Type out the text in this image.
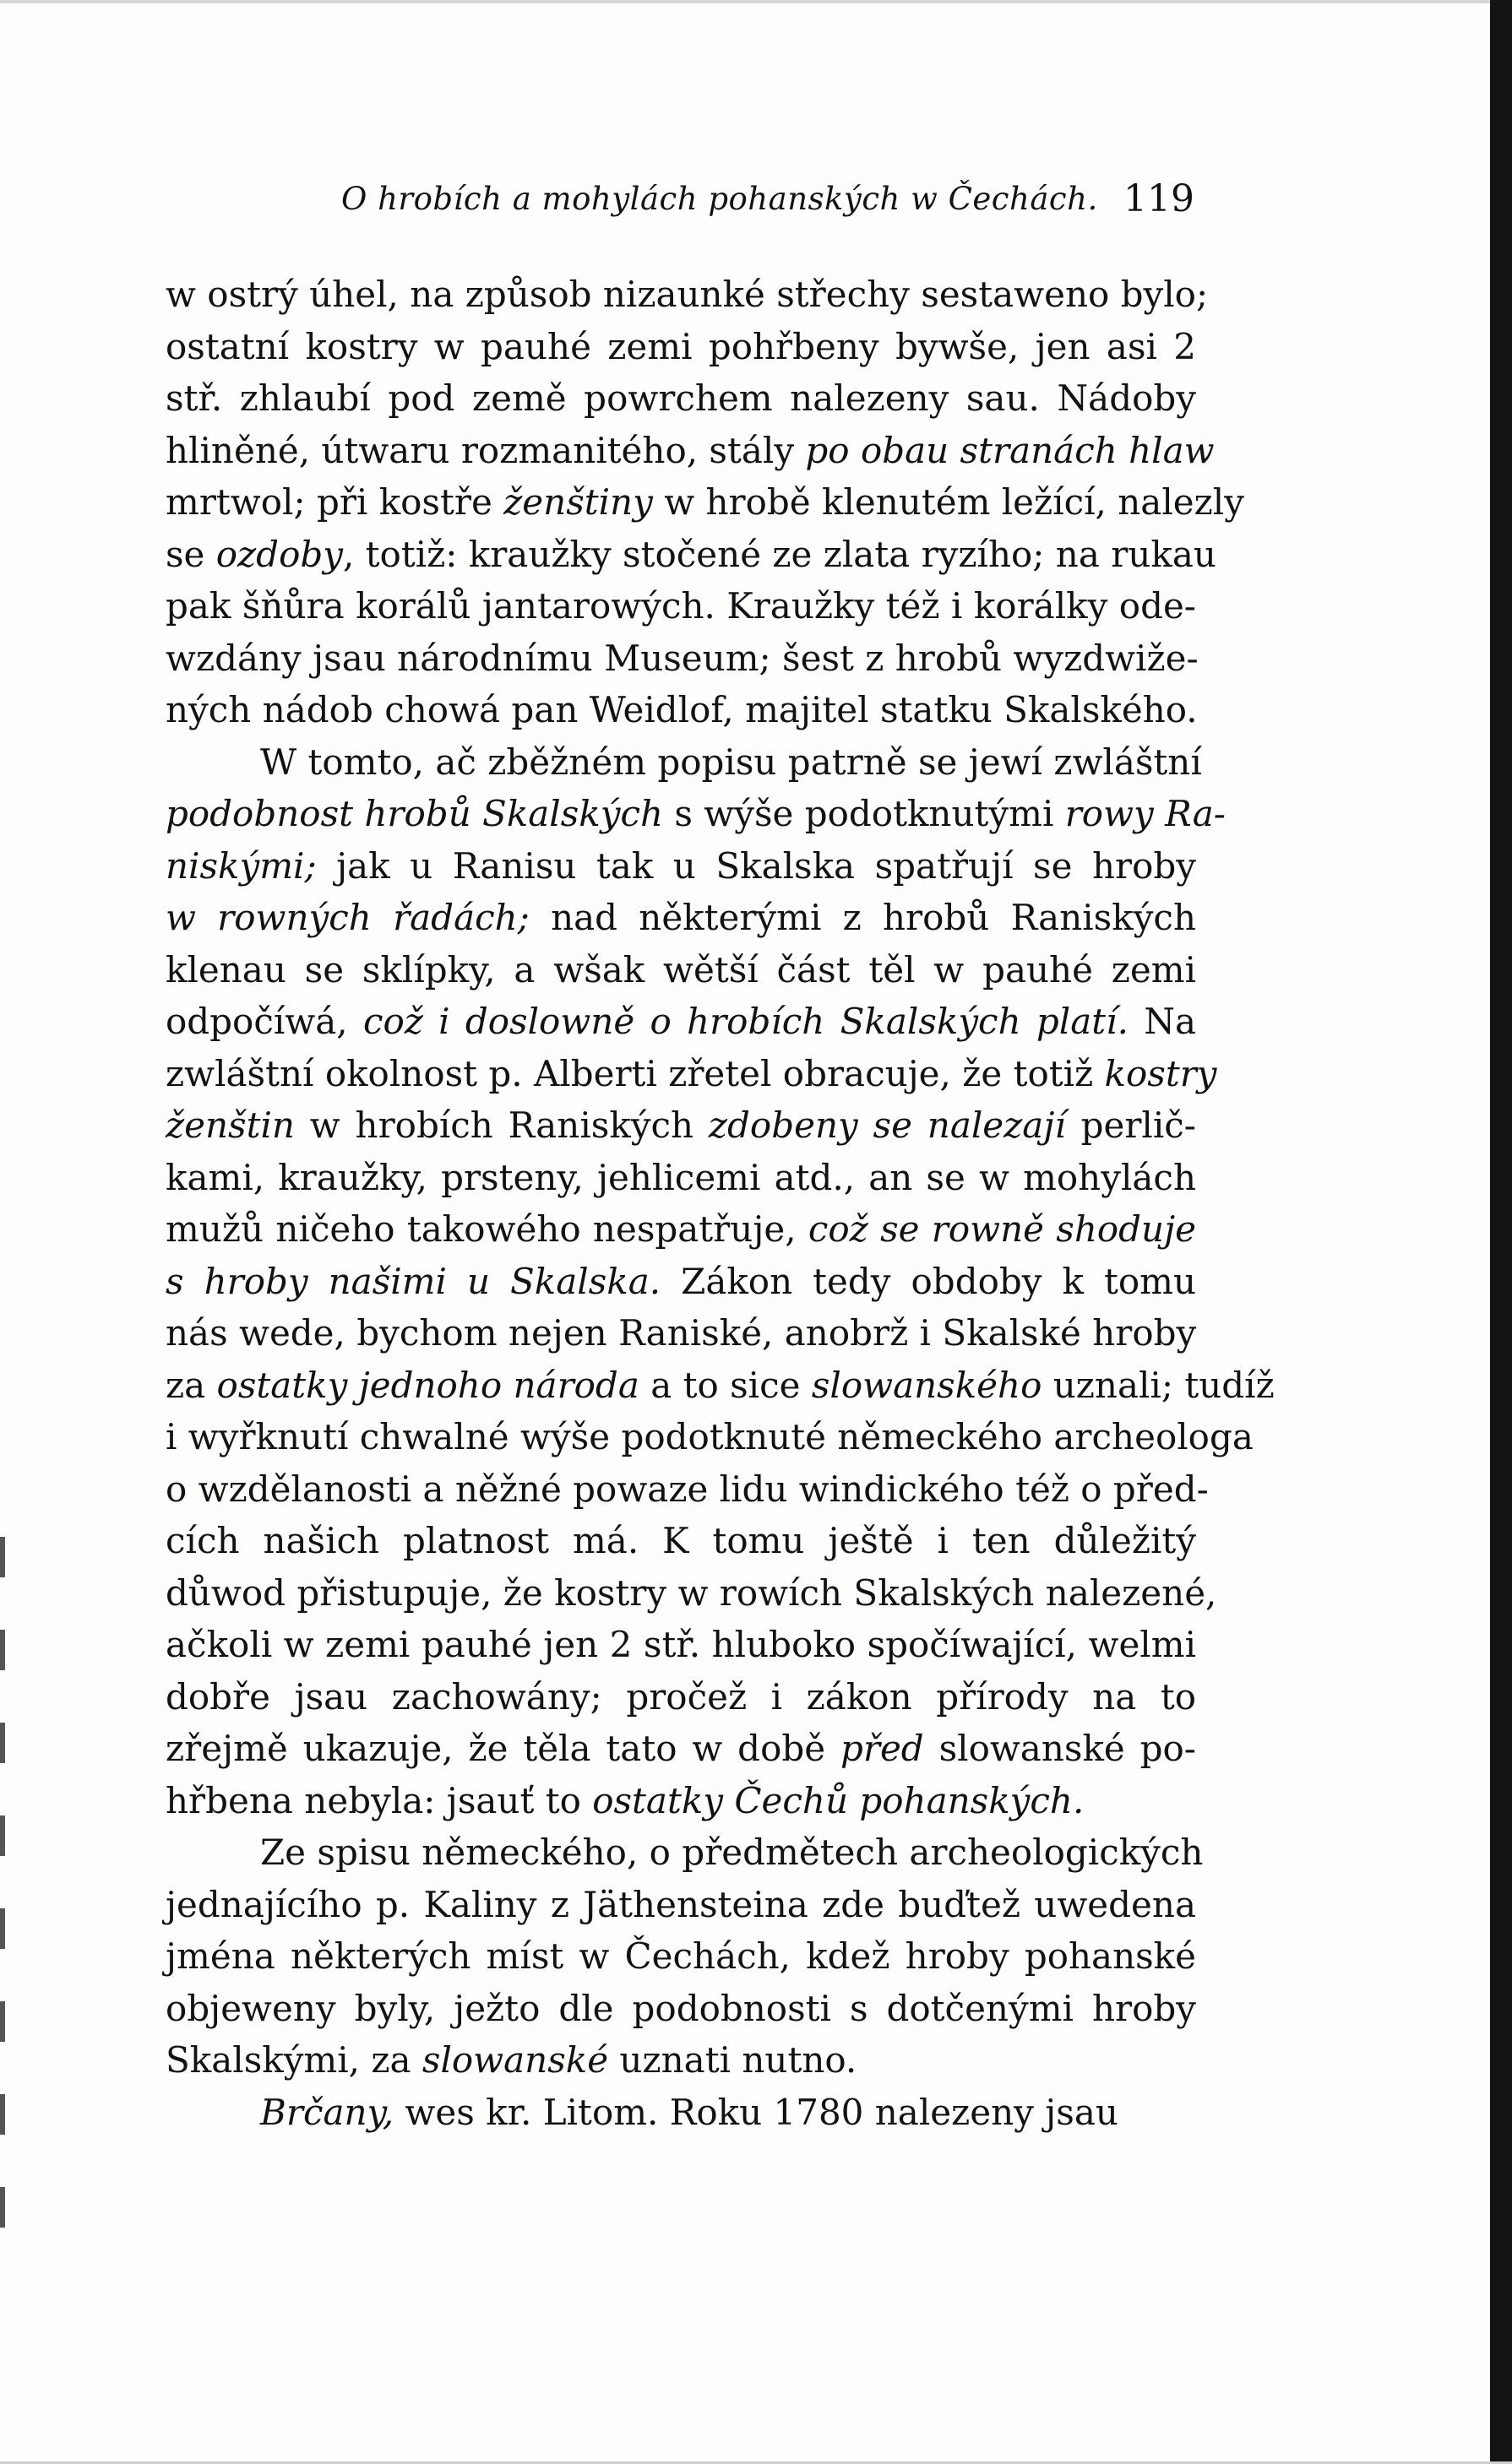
O hrobích a mohylách pohanských w Čechách. 119
w ostrý úhel, na způsob nizaunké střechy sestaweno bylo;
ostatní kostry w pauhé zemi pohřbeny bywše, jen asi 2
stř. zhlaubí pod země powrchem nalezeny sau. Nádoby
hliněné, útwaru rozmanitého, stály po obau stranách hlaw
mrtwol; při kostře ženštiny w hrobě klenutém ležící, nalezly
se ozdoby, totiž: kraužky stočené ze zlata ryzího; na rukau
pak šňůra korálů jantarowých. Kraužky též i korálky ode-
wzdány jsau národnímu Museum; šest z hrobů wyzdwiže-
ných nádob chowá pan Weidlof, majitel statku Skalského.
W tomto, ač zběžném popisu patrně se jewí zwláštní
podobnost hrobů Skalských s wýše podotknutými rowy Ra-
niskými; jak u Ranisu tak u Skalska spatřují se hroby
w rowných řadách; nad některými z hrobů Raniských
klenau se sklípky, a wšak wětší část těl w pauhé zemi
odpočíwá, což i doslowně o hrobích Skalských platí. Na
zwláštní okolnost p. Alberti zřetel obracuje, že totiž kostry
ženštin w hrobích Raniských zdobeny se nalezají perlič-
kami, kraužky, prsteny, jehlicemi atd., an se w mohylách
mužů ničeho takowého nespatřuje, což se rowně shoduje
s hroby našimi u Skalska. Zákon tedy obdoby k tomu
nás wede, bychom nejen Raniské, anobrž i Skalské hroby
za ostatky jednoho národa a to sice slowanského uznali; tudíž
i wyřknutí chwalné wýše podotknuté německého archeologa
o wzdělanosti a něžné powaze lidu windického též o před-
cích našich platnost má. K tomu ještě i ten důležitý
důwod přistupuje, že kostry w rowích Skalských nalezené,
ačkoli w zemi pauhé jen 2 stř. hluboko spočíwající, welmi
dobře jsau zachowány; pročež i zákon přírody na to
zřejmě ukazuje, že těla tato w době před slowanské po-
hřbena nebyla: jsauť to ostatky Čechů pohanských.
Ze spisu německého, o předmětech archeologických
jednajícího p. Kaliny z Jäthensteina zde buďtež uwedena
jména některých míst w Čechách, kdež hroby pohanské
objeweny byly, ježto dle podobnosti s dotčenými hroby
Skalskými, za slowanské uznati nutno.
Brčany, wes kr. Litom. Roku 1780 nalezeny jsau
